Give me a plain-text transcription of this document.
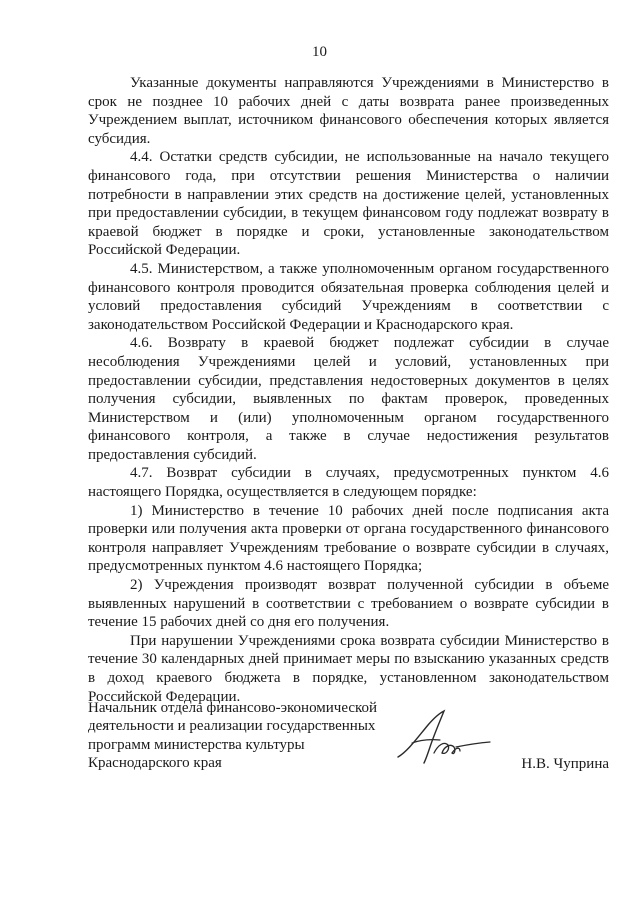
10

Указанные документы направляются Учреждениями в Министерство в срок не позднее 10 рабочих дней с даты возврата ранее произведенных Учреждением выплат, источником финансового обеспечения которых является субсидия.

4.4. Остатки средств субсидии, не использованные на начало текущего финансового года, при отсутствии решения Министерства о наличии потребности в направлении этих средств на достижение целей, установленных при предоставлении субсидии, в текущем финансовом году подлежат возврату в краевой бюджет в порядке и сроки, установленные законодательством Российской Федерации.

4.5. Министерством, а также уполномоченным органом государственного финансового контроля проводится обязательная проверка соблюдения целей и условий предоставления субсидий Учреждениям в соответствии с законодательством Российской Федерации и Краснодарского края.

4.6. Возврату в краевой бюджет подлежат субсидии в случае несоблюдения Учреждениями целей и условий, установленных при предоставлении субсидии, представления недостоверных документов в целях получения субсидии, выявленных по фактам проверок, проведенных Министерством и (или) уполномоченным органом государственного финансового контроля, а также в случае недостижения результатов предоставления субсидий.

4.7. Возврат субсидии в случаях, предусмотренных пунктом 4.6 настоящего Порядка, осуществляется в следующем порядке:

1) Министерство в течение 10 рабочих дней после подписания акта проверки или получения акта проверки от органа государственного финансового контроля направляет Учреждениям требование о возврате субсидии в случаях, предусмотренных пунктом 4.6 настоящего Порядка;

2) Учреждения производят возврат полученной субсидии в объеме выявленных нарушений в соответствии с требованием о возврате субсидии в течение 15 рабочих дней со дня его получения.

При нарушении Учреждениями срока возврата субсидии Министерство в течение 30 календарных дней принимает меры по взысканию указанных средств в доход краевого бюджета в порядке, установленном законодательством Российской Федерации.

Начальник отдела финансово-экономической
деятельности и реализации государственных
программ министерства культуры
Краснодарского края	Н.В. Чуприна
